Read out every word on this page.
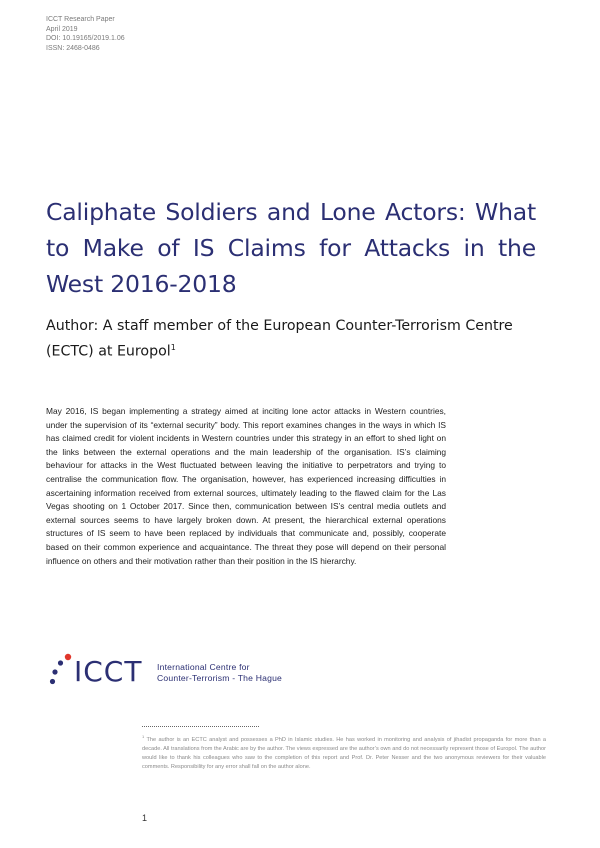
ICCT Research Paper
April 2019
DOI: 10.19165/2019.1.06
ISSN: 2468-0486
Caliphate Soldiers and Lone Actors: What to Make of IS Claims for Attacks in the West 2016-2018
Author: A staff member of the European Counter-Terrorism Centre (ECTC) at Europol$^1$

May 2016, IS began implementing a strategy aimed at inciting lone actor attacks in Western countries, under the supervision of its “external security” body. This report examines changes in the ways in which IS has claimed credit for violent incidents in Western countries under this strategy in an effort to shed light on the links between the external operations and the main leadership of the organisation. IS’s claiming behaviour for attacks in the West fluctuated between leaving the initiative to perpetrators and trying to centralise the communication flow. The organisation, however, has experienced increasing difficulties in ascertaining information received from external sources, ultimately leading to the flawed claim for the Las Vegas shooting on 1 October 2017. Since then, communication between IS’s central media outlets and external sources seems to have largely broken down. At present, the hierarchical external operations structures of IS seem to have been replaced by individuals that communicate and, possibly, cooperate based on their common experience and acquaintance. The threat they pose will depend on their personal influence on others and their motivation rather than their position in the IS hierarchy.

ICCT International Centre for
Counter-Terrorism - The Hague

$^1$ The author is an ECTC analyst and possesses a PhD in Islamic studies. He has worked in monitoring and analysis of jihadist propaganda for more than a decade. All translations from the Arabic are by the author. The views expressed are the author’s own and do not necessarily represent those of Europol. The author would like to thank his colleagues who saw to the completion of this report and Prof. Dr. Peter Nesser and the two anonymous reviewers for their valuable comments. Responsibility for any error shall fall on the author alone.

1
